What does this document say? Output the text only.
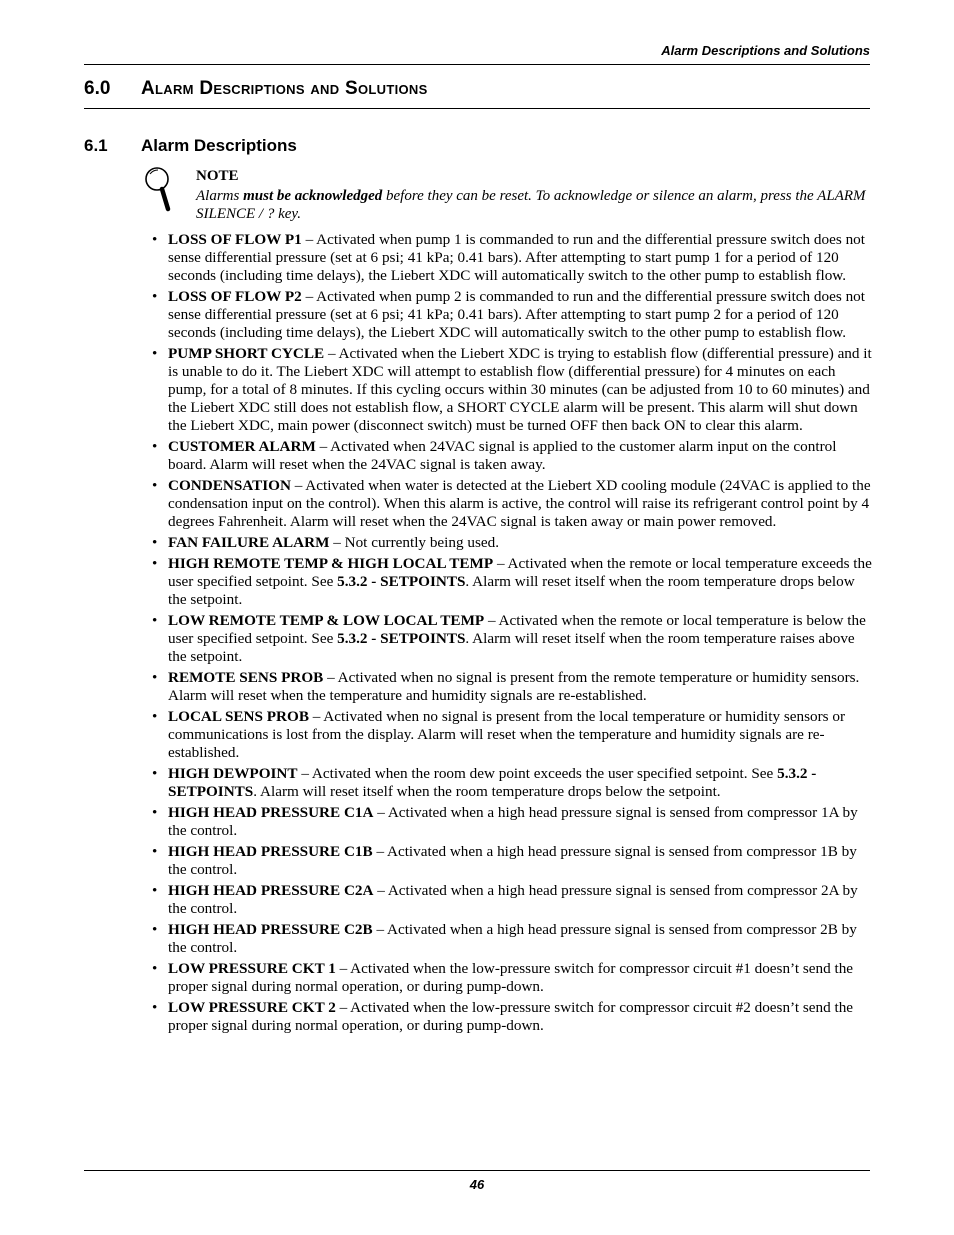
Alarm Descriptions and Solutions
6.0 Alarm Descriptions and Solutions
6.1 Alarm Descriptions
NOTE
Alarms must be acknowledged before they can be reset. To acknowledge or silence an alarm, press the ALARM SILENCE / ? key.
• LOSS OF FLOW P1 – Activated when pump 1 is commanded to run and the differential pressure switch does not sense differential pressure (set at 6 psi; 41 kPa; 0.41 bars). After attempting to start pump 1 for a period of 120 seconds (including time delays), the Liebert XDC will automatically switch to the other pump to establish flow.
• LOSS OF FLOW P2 – Activated when pump 2 is commanded to run and the differential pressure switch does not sense differential pressure (set at 6 psi; 41 kPa; 0.41 bars). After attempting to start pump 2 for a period of 120 seconds (including time delays), the Liebert XDC will automatically switch to the other pump to establish flow.
• PUMP SHORT CYCLE – Activated when the Liebert XDC is trying to establish flow (differential pressure) and it is unable to do it. The Liebert XDC will attempt to establish flow (differential pressure) for 4 minutes on each pump, for a total of 8 minutes. If this cycling occurs within 30 minutes (can be adjusted from 10 to 60 minutes) and the Liebert XDC still does not establish flow, a SHORT CYCLE alarm will be present. This alarm will shut down the Liebert XDC, main power (disconnect switch) must be turned OFF then back ON to clear this alarm.
• CUSTOMER ALARM – Activated when 24VAC signal is applied to the customer alarm input on the control board. Alarm will reset when the 24VAC signal is taken away.
• CONDENSATION – Activated when water is detected at the Liebert XD cooling module (24VAC is applied to the condensation input on the control). When this alarm is active, the control will raise its refrigerant control point by 4 degrees Fahrenheit. Alarm will reset when the 24VAC signal is taken away or main power removed.
• FAN FAILURE ALARM – Not currently being used.
• HIGH REMOTE TEMP & HIGH LOCAL TEMP – Activated when the remote or local temperature exceeds the user specified setpoint. See 5.3.2 - SETPOINTS. Alarm will reset itself when the room temperature drops below the setpoint.
• LOW REMOTE TEMP & LOW LOCAL TEMP – Activated when the remote or local temperature is below the user specified setpoint. See 5.3.2 - SETPOINTS. Alarm will reset itself when the room temperature raises above the setpoint.
• REMOTE SENS PROB – Activated when no signal is present from the remote temperature or humidity sensors. Alarm will reset when the temperature and humidity signals are re-established.
• LOCAL SENS PROB – Activated when no signal is present from the local temperature or humidity sensors or communications is lost from the display. Alarm will reset when the temperature and humidity signals are re-established.
• HIGH DEWPOINT – Activated when the room dew point exceeds the user specified setpoint. See 5.3.2 - SETPOINTS. Alarm will reset itself when the room temperature drops below the setpoint.
• HIGH HEAD PRESSURE C1A – Activated when a high head pressure signal is sensed from compressor 1A by the control.
• HIGH HEAD PRESSURE C1B – Activated when a high head pressure signal is sensed from compressor 1B by the control.
• HIGH HEAD PRESSURE C2A – Activated when a high head pressure signal is sensed from compressor 2A by the control.
• HIGH HEAD PRESSURE C2B – Activated when a high head pressure signal is sensed from compressor 2B by the control.
• LOW PRESSURE CKT 1 – Activated when the low-pressure switch for compressor circuit #1 doesn’t send the proper signal during normal operation, or during pump-down.
• LOW PRESSURE CKT 2 – Activated when the low-pressure switch for compressor circuit #2 doesn’t send the proper signal during normal operation, or during pump-down.
46
